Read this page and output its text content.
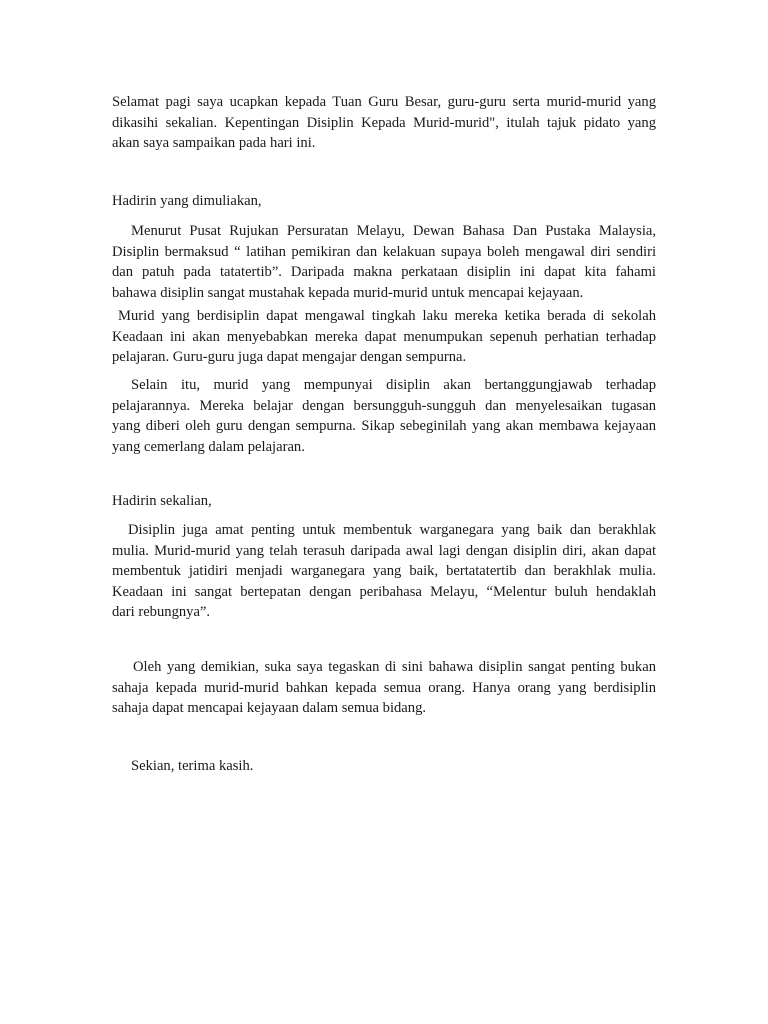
Selamat pagi saya ucapkan kepada Tuan Guru Besar, guru-guru serta murid-murid yang
dikasihi sekalian. Kepentingan Disiplin Kepada Murid-murid", itulah tajuk pidato yang
akan saya sampaikan pada hari ini.

Hadirin yang dimuliakan,

Menurut Pusat Rujukan Persuratan Melayu, Dewan Bahasa Dan Pustaka Malaysia,
Disiplin bermaksud “ latihan pemikiran dan kelakuan supaya boleh mengawal diri sendiri
dan patuh pada tatatertib”. Daripada makna perkataan disiplin ini dapat kita fahami
bahawa disiplin sangat mustahak kepada murid-murid untuk mencapai kejayaan.

Murid yang berdisiplin dapat mengawal tingkah laku mereka ketika berada di sekolah
Keadaan ini akan menyebabkan mereka dapat menumpukan sepenuh perhatian terhadap
pelajaran. Guru-guru juga dapat mengajar dengan sempurna.

Selain itu, murid yang mempunyai disiplin akan bertanggungjawab terhadap
pelajarannya. Mereka belajar dengan bersungguh-sungguh dan menyelesaikan tugasan
yang diberi oleh guru dengan sempurna. Sikap sebeginilah yang akan membawa kejayaan
yang cemerlang dalam pelajaran.

Hadirin sekalian,

Disiplin juga amat penting untuk membentuk warganegara yang baik dan berakhlak
mulia. Murid-murid yang telah terasuh daripada awal lagi dengan disiplin diri, akan dapat
membentuk jatidiri menjadi warganegara yang baik, bertatatertib dan berakhlak mulia.
Keadaan ini sangat bertepatan dengan peribahasa Melayu, “Melentur buluh hendaklah
dari rebungnya”.

Oleh yang demikian, suka saya tegaskan di sini bahawa disiplin sangat penting bukan
sahaja kepada murid-murid bahkan kepada semua orang. Hanya orang yang berdisiplin
sahaja dapat mencapai kejayaan dalam semua bidang.

Sekian, terima kasih.
